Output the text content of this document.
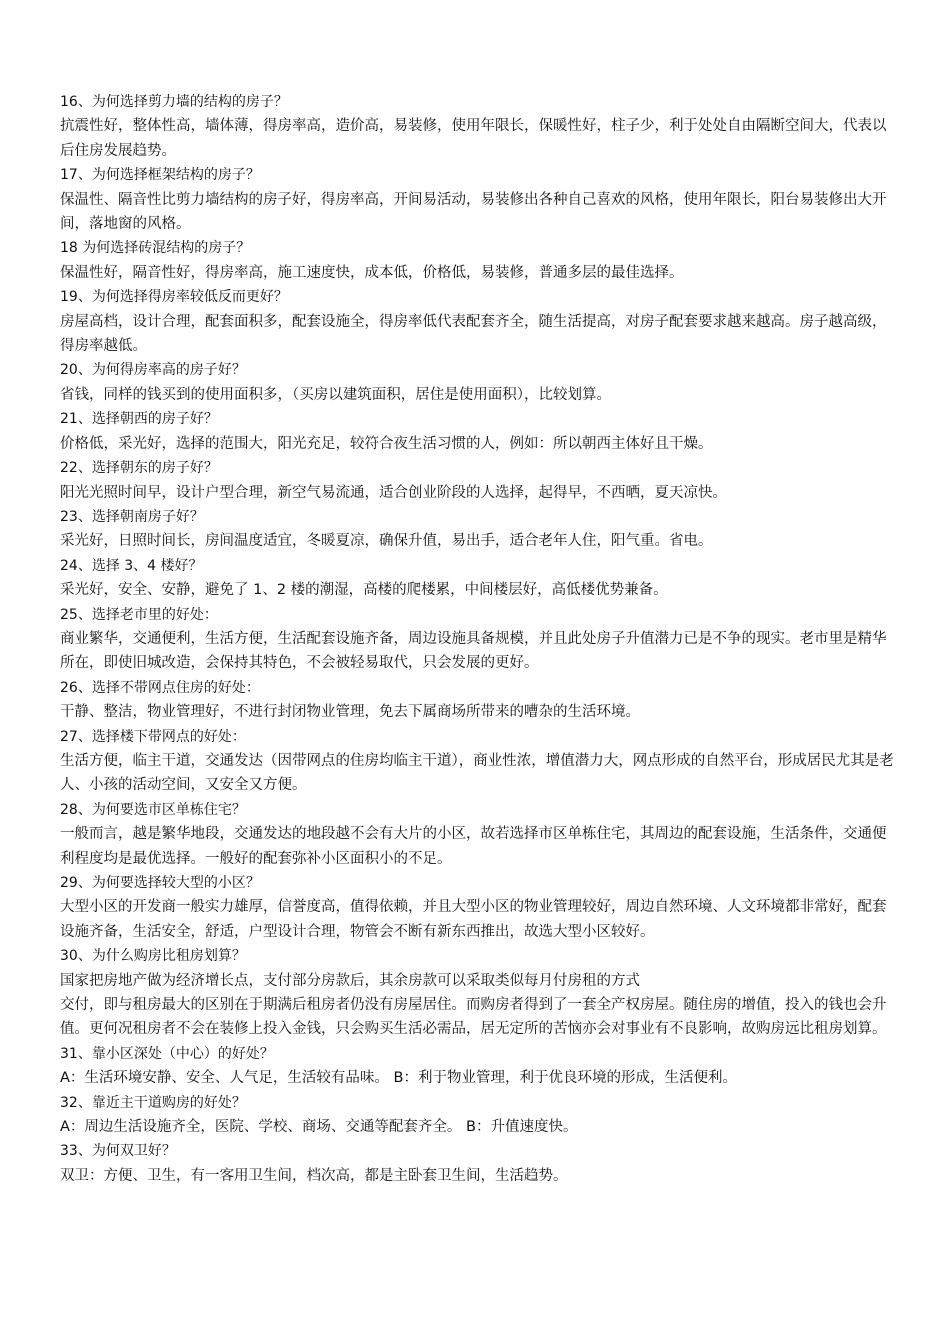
16、为何选择剪力墙的结构的房子？

抗震性好，整体性高，墙体薄，得房率高，造价高，易装修，使用年限长，保暖性好，柱子少，利于处处自由隔断空间大，代表以后住房发展趋势。

17、为何选择框架结构的房子？

保温性、隔音性比剪力墙结构的房子好，得房率高，开间易活动，易装修出各种自己喜欢的风格，使用年限长，阳台易装修出大开间，落地窗的风格。

18 为何选择砖混结构的房子？

保温性好，隔音性好，得房率高，施工速度快，成本低，价格低，易装修，普通多层的最佳选择。

19、为何选择得房率较低反而更好？

房屋高档，设计合理，配套面积多，配套设施全，得房率低代表配套齐全，随生活提高，对房子配套要求越来越高。房子越高级，得房率越低。

20、为何得房率高的房子好？

省钱，同样的钱买到的使用面积多，（买房以建筑面积，居住是使用面积），比较划算。

21、选择朝西的房子好？

价格低，采光好，选择的范围大，阳光充足，较符合夜生活习惯的人，例如：所以朝西主体好且干燥。

22、选择朝东的房子好？

阳光光照时间早，设计户型合理，新空气易流通，适合创业阶段的人选择，起得早，不西晒，夏天凉快。

23、选择朝南房子好？

采光好，日照时间长，房间温度适宜，冬暖夏凉，确保升值，易出手，适合老年人住，阳气重。省电。

24、选择 3、4 楼好？

采光好，安全、安静，避免了 1、2 楼的潮湿，高楼的爬楼累，中间楼层好，高低楼优势兼备。

25、选择老市里的好处：

商业繁华，交通便利，生活方便，生活配套设施齐备，周边设施具备规模，并且此处房子升值潜力已是不争的现实。老市里是精华所在，即使旧城改造，会保持其特色，不会被轻易取代，只会发展的更好。

26、选择不带网点住房的好处：

干静、整洁，物业管理好，不进行封闭物业管理，免去下属商场所带来的嘈杂的生活环境。

27、选择楼下带网点的好处：

生活方便，临主干道，交通发达（因带网点的住房均临主干道），商业性浓，增值潜力大，网点形成的自然平台，形成居民尤其是老人、小孩的活动空间，又安全又方便。

28、为何要选市区单栋住宅？

一般而言，越是繁华地段，交通发达的地段越不会有大片的小区，故若选择市区单栋住宅，其周边的配套设施，生活条件，交通便利程度均是最优选择。一般好的配套弥补小区面积小的不足。

29、为何要选择较大型的小区？

大型小区的开发商一般实力雄厚，信誉度高，值得依赖，并且大型小区的物业管理较好，周边自然环境、人文环境都非常好，配套设施齐备，生活安全，舒适，户型设计合理，物管会不断有新东西推出，故选大型小区较好。

30、为什么购房比租房划算？

国家把房地产做为经济增长点，支付部分房款后，其余房款可以采取类似每月付房租的方式

交付，即与租房最大的区别在于期满后租房者仍没有房屋居住。而购房者得到了一套全产权房屋。随住房的增值，投入的钱也会升值。更何况租房者不会在装修上投入金钱，只会购买生活必需品，居无定所的苦恼亦会对事业有不良影响，故购房远比租房划算。

31、靠小区深处（中心）的好处？

A：生活环境安静、安全、人气足，生活较有品味。 B：利于物业管理，利于优良环境的形成，生活便利。

32、靠近主干道购房的好处？

A：周边生活设施齐全，医院、学校、商场、交通等配套齐全。 B：升值速度快。

33、为何双卫好？

双卫：方便、卫生，有一客用卫生间，档次高，都是主卧套卫生间，生活趋势。
